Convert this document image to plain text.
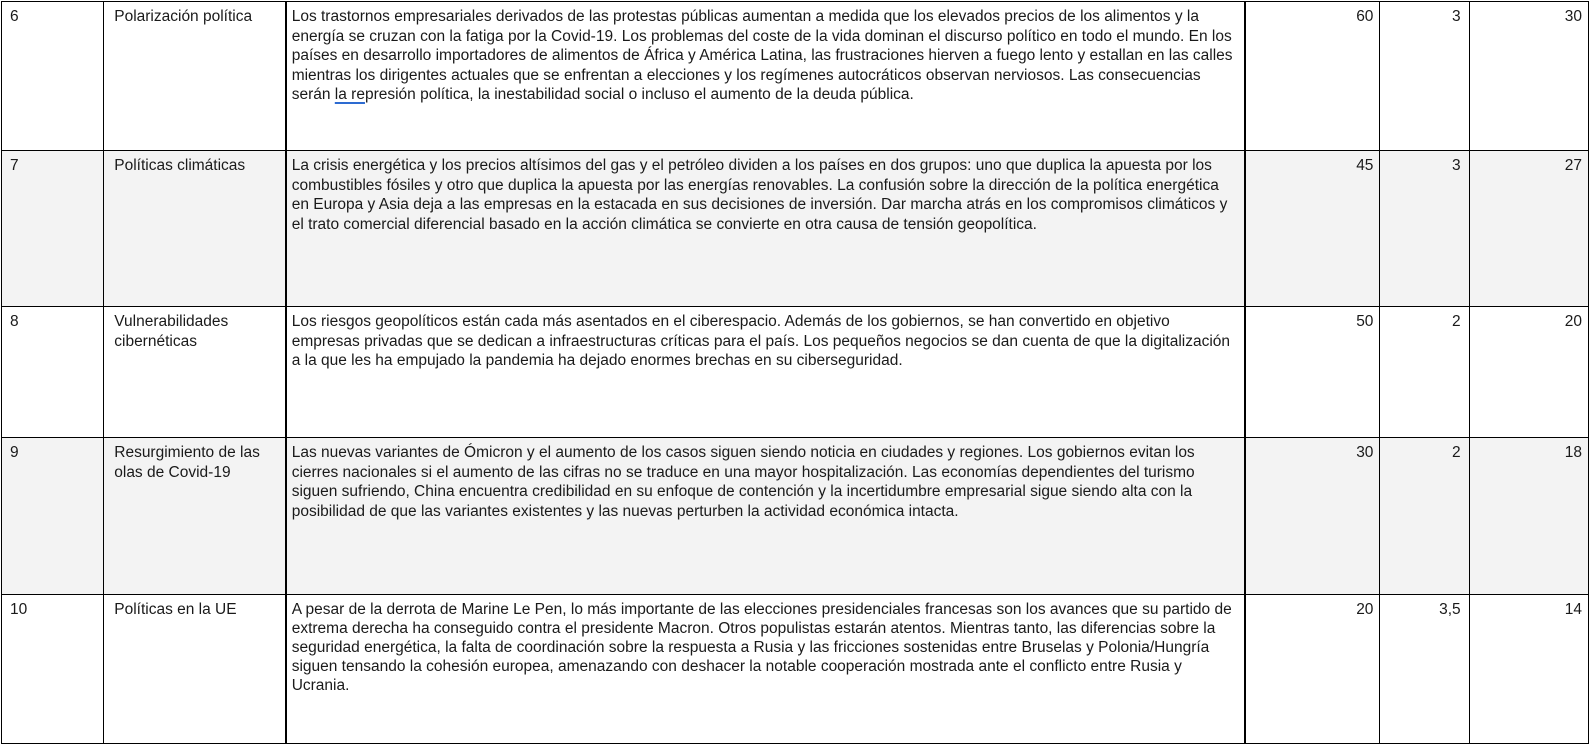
6	Polarización política	Los trastornos empresariales derivados de las protestas públicas aumentan a medida que los elevados precios de los alimentos y la energía se cruzan con la fatiga por la Covid-19. Los problemas del coste de la vida dominan el discurso político en todo el mundo. En los países en desarrollo importadores de alimentos de África y América Latina, las frustraciones hierven a fuego lento y estallan en las calles mientras los dirigentes actuales que se enfrentan a elecciones y los regímenes autocráticos observan nerviosos. Las consecuencias serán la represión política, la inestabilidad social o incluso el aumento de la deuda pública.	60	3	30
7	Políticas climáticas	La crisis energética y los precios altísimos del gas y el petróleo dividen a los países en dos grupos: uno que duplica la apuesta por los combustibles fósiles y otro que duplica la apuesta por las energías renovables. La confusión sobre la dirección de la política energética en Europa y Asia deja a las empresas en la estacada en sus decisiones de inversión. Dar marcha atrás en los compromisos climáticos y el trato comercial diferencial basado en la acción climática se convierte en otra causa de tensión geopolítica.	45	3	27
8	Vulnerabilidades cibernéticas	Los riesgos geopolíticos están cada más asentados en el ciberespacio. Además de los gobiernos, se han convertido en objetivo empresas privadas que se dedican a infraestructuras críticas para el país. Los pequeños negocios se dan cuenta de que la digitalización a la que les ha empujado la pandemia ha dejado enormes brechas en su ciberseguridad.	50	2	20
9	Resurgimiento de las olas de Covid-19	Las nuevas variantes de Ómicron y el aumento de los casos siguen siendo noticia en ciudades y regiones. Los gobiernos evitan los cierres nacionales si el aumento de las cifras no se traduce en una mayor hospitalización. Las economías dependientes del turismo siguen sufriendo, China encuentra credibilidad en su enfoque de contención y la incertidumbre empresarial sigue siendo alta con la posibilidad de que las variantes existentes y las nuevas perturben la actividad económica intacta.	30	2	18
10	Políticas en la UE	A pesar de la derrota de Marine Le Pen, lo más importante de las elecciones presidenciales francesas son los avances que su partido de extrema derecha ha conseguido contra el presidente Macron. Otros populistas estarán atentos. Mientras tanto, las diferencias sobre la seguridad energética, la falta de coordinación sobre la respuesta a Rusia y las fricciones sostenidas entre Bruselas y Polonia/Hungría siguen tensando la cohesión europea, amenazando con deshacer la notable cooperación mostrada ante el conflicto entre Rusia y Ucrania.	20	3,5	14
